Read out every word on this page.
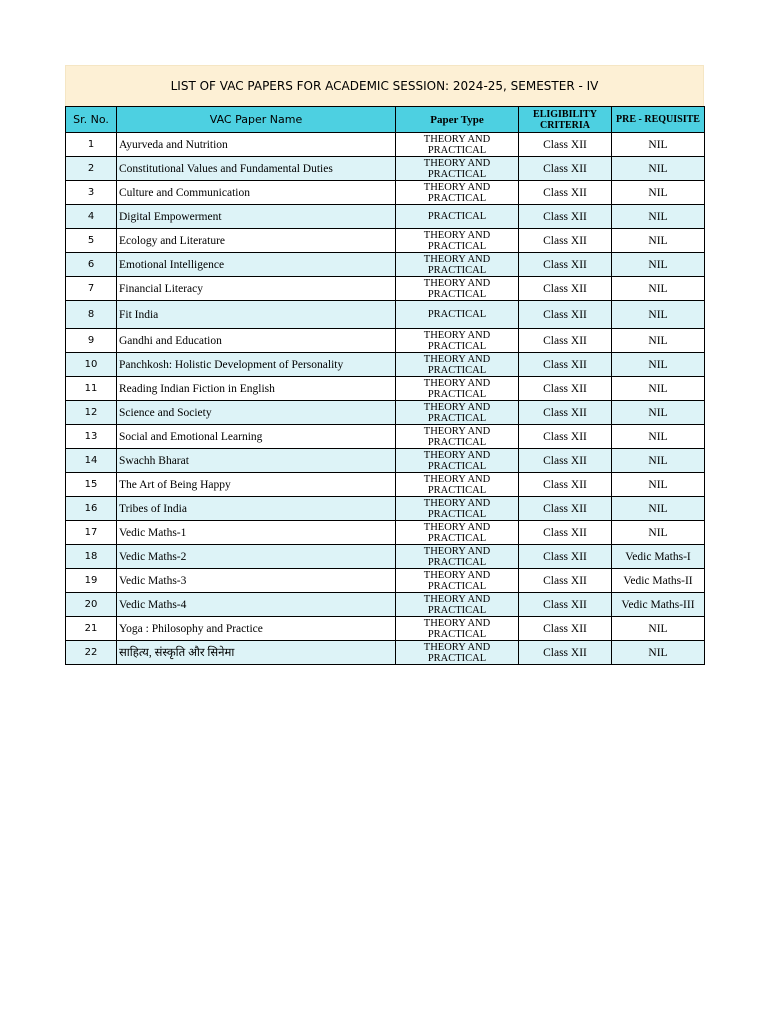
LIST OF VAC PAPERS FOR ACADEMIC SESSION: 2024-25, SEMESTER - IV
Sr. No.	VAC Paper Name	Paper Type	ELIGIBILITY CRITERIA	PRE - REQUISITE
1	Ayurveda and Nutrition	THEORY AND PRACTICAL	Class XII	NIL
2	Constitutional Values and Fundamental Duties	THEORY AND PRACTICAL	Class XII	NIL
3	Culture and Communication	THEORY AND PRACTICAL	Class XII	NIL
4	Digital Empowerment	PRACTICAL	Class XII	NIL
5	Ecology and Literature	THEORY AND PRACTICAL	Class XII	NIL
6	Emotional Intelligence	THEORY AND PRACTICAL	Class XII	NIL
7	Financial Literacy	THEORY AND PRACTICAL	Class XII	NIL
8	Fit India	PRACTICAL	Class XII	NIL
9	Gandhi and Education	THEORY AND PRACTICAL	Class XII	NIL
10	Panchkosh: Holistic Development of Personality	THEORY AND PRACTICAL	Class XII	NIL
11	Reading Indian Fiction in English	THEORY AND PRACTICAL	Class XII	NIL
12	Science and Society	THEORY AND PRACTICAL	Class XII	NIL
13	Social and Emotional Learning	THEORY AND PRACTICAL	Class XII	NIL
14	Swachh Bharat	THEORY AND PRACTICAL	Class XII	NIL
15	The Art of Being Happy	THEORY AND PRACTICAL	Class XII	NIL
16	Tribes of India	THEORY AND PRACTICAL	Class XII	NIL
17	Vedic Maths-1	THEORY AND PRACTICAL	Class XII	NIL
18	Vedic Maths-2	THEORY AND PRACTICAL	Class XII	Vedic Maths-I
19	Vedic Maths-3	THEORY AND PRACTICAL	Class XII	Vedic Maths-II
20	Vedic Maths-4	THEORY AND PRACTICAL	Class XII	Vedic Maths-III
21	Yoga : Philosophy and Practice	THEORY AND PRACTICAL	Class XII	NIL
22	साहित्य, संस्कृति और सिनेमा	THEORY AND PRACTICAL	Class XII	NIL
